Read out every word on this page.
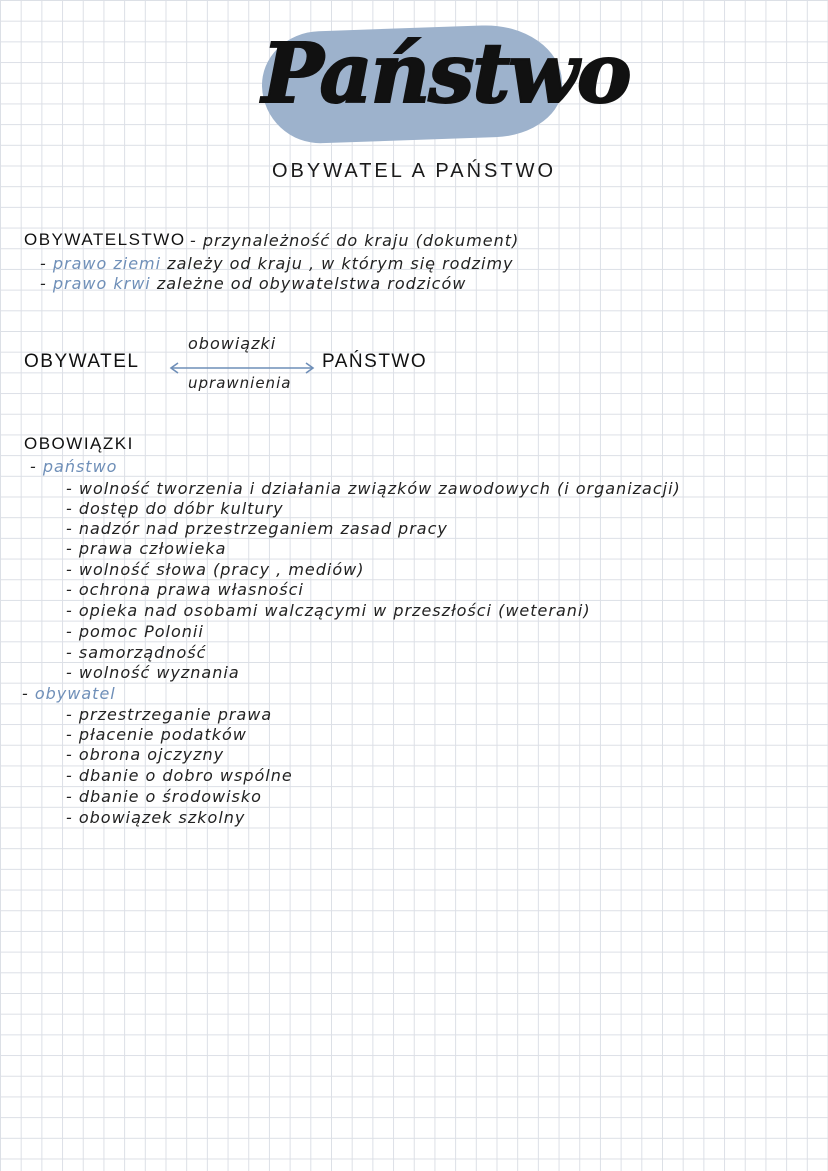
Państwo
OBYWATEL A PAŃSTWO
OBYWATELSTWO - przynależność do kraju (dokument)
- prawo ziemi zależy od kraju , w którym się rodzimy
- prawo krwi zależne od obywatelstwa rodziców
OBYWATEL
obowiązki
uprawnienia
PAŃSTWO
OBOWIĄZKI
- państwo
- wolność tworzenia i działania związków zawodowych (i organizacji)
- dostęp do dóbr kultury
- nadzór nad przestrzeganiem zasad pracy
- prawa człowieka
- wolność słowa (pracy , mediów)
- ochrona prawa własności
- opieka nad osobami walczącymi w przeszłości (weterani)
- pomoc Polonii
- samorządność
- wolność wyznania
- obywatel
- przestrzeganie prawa
- płacenie podatków
- obrona ojczyzny
- dbanie o dobro wspólne
- dbanie o środowisko
- obowiązek szkolny
